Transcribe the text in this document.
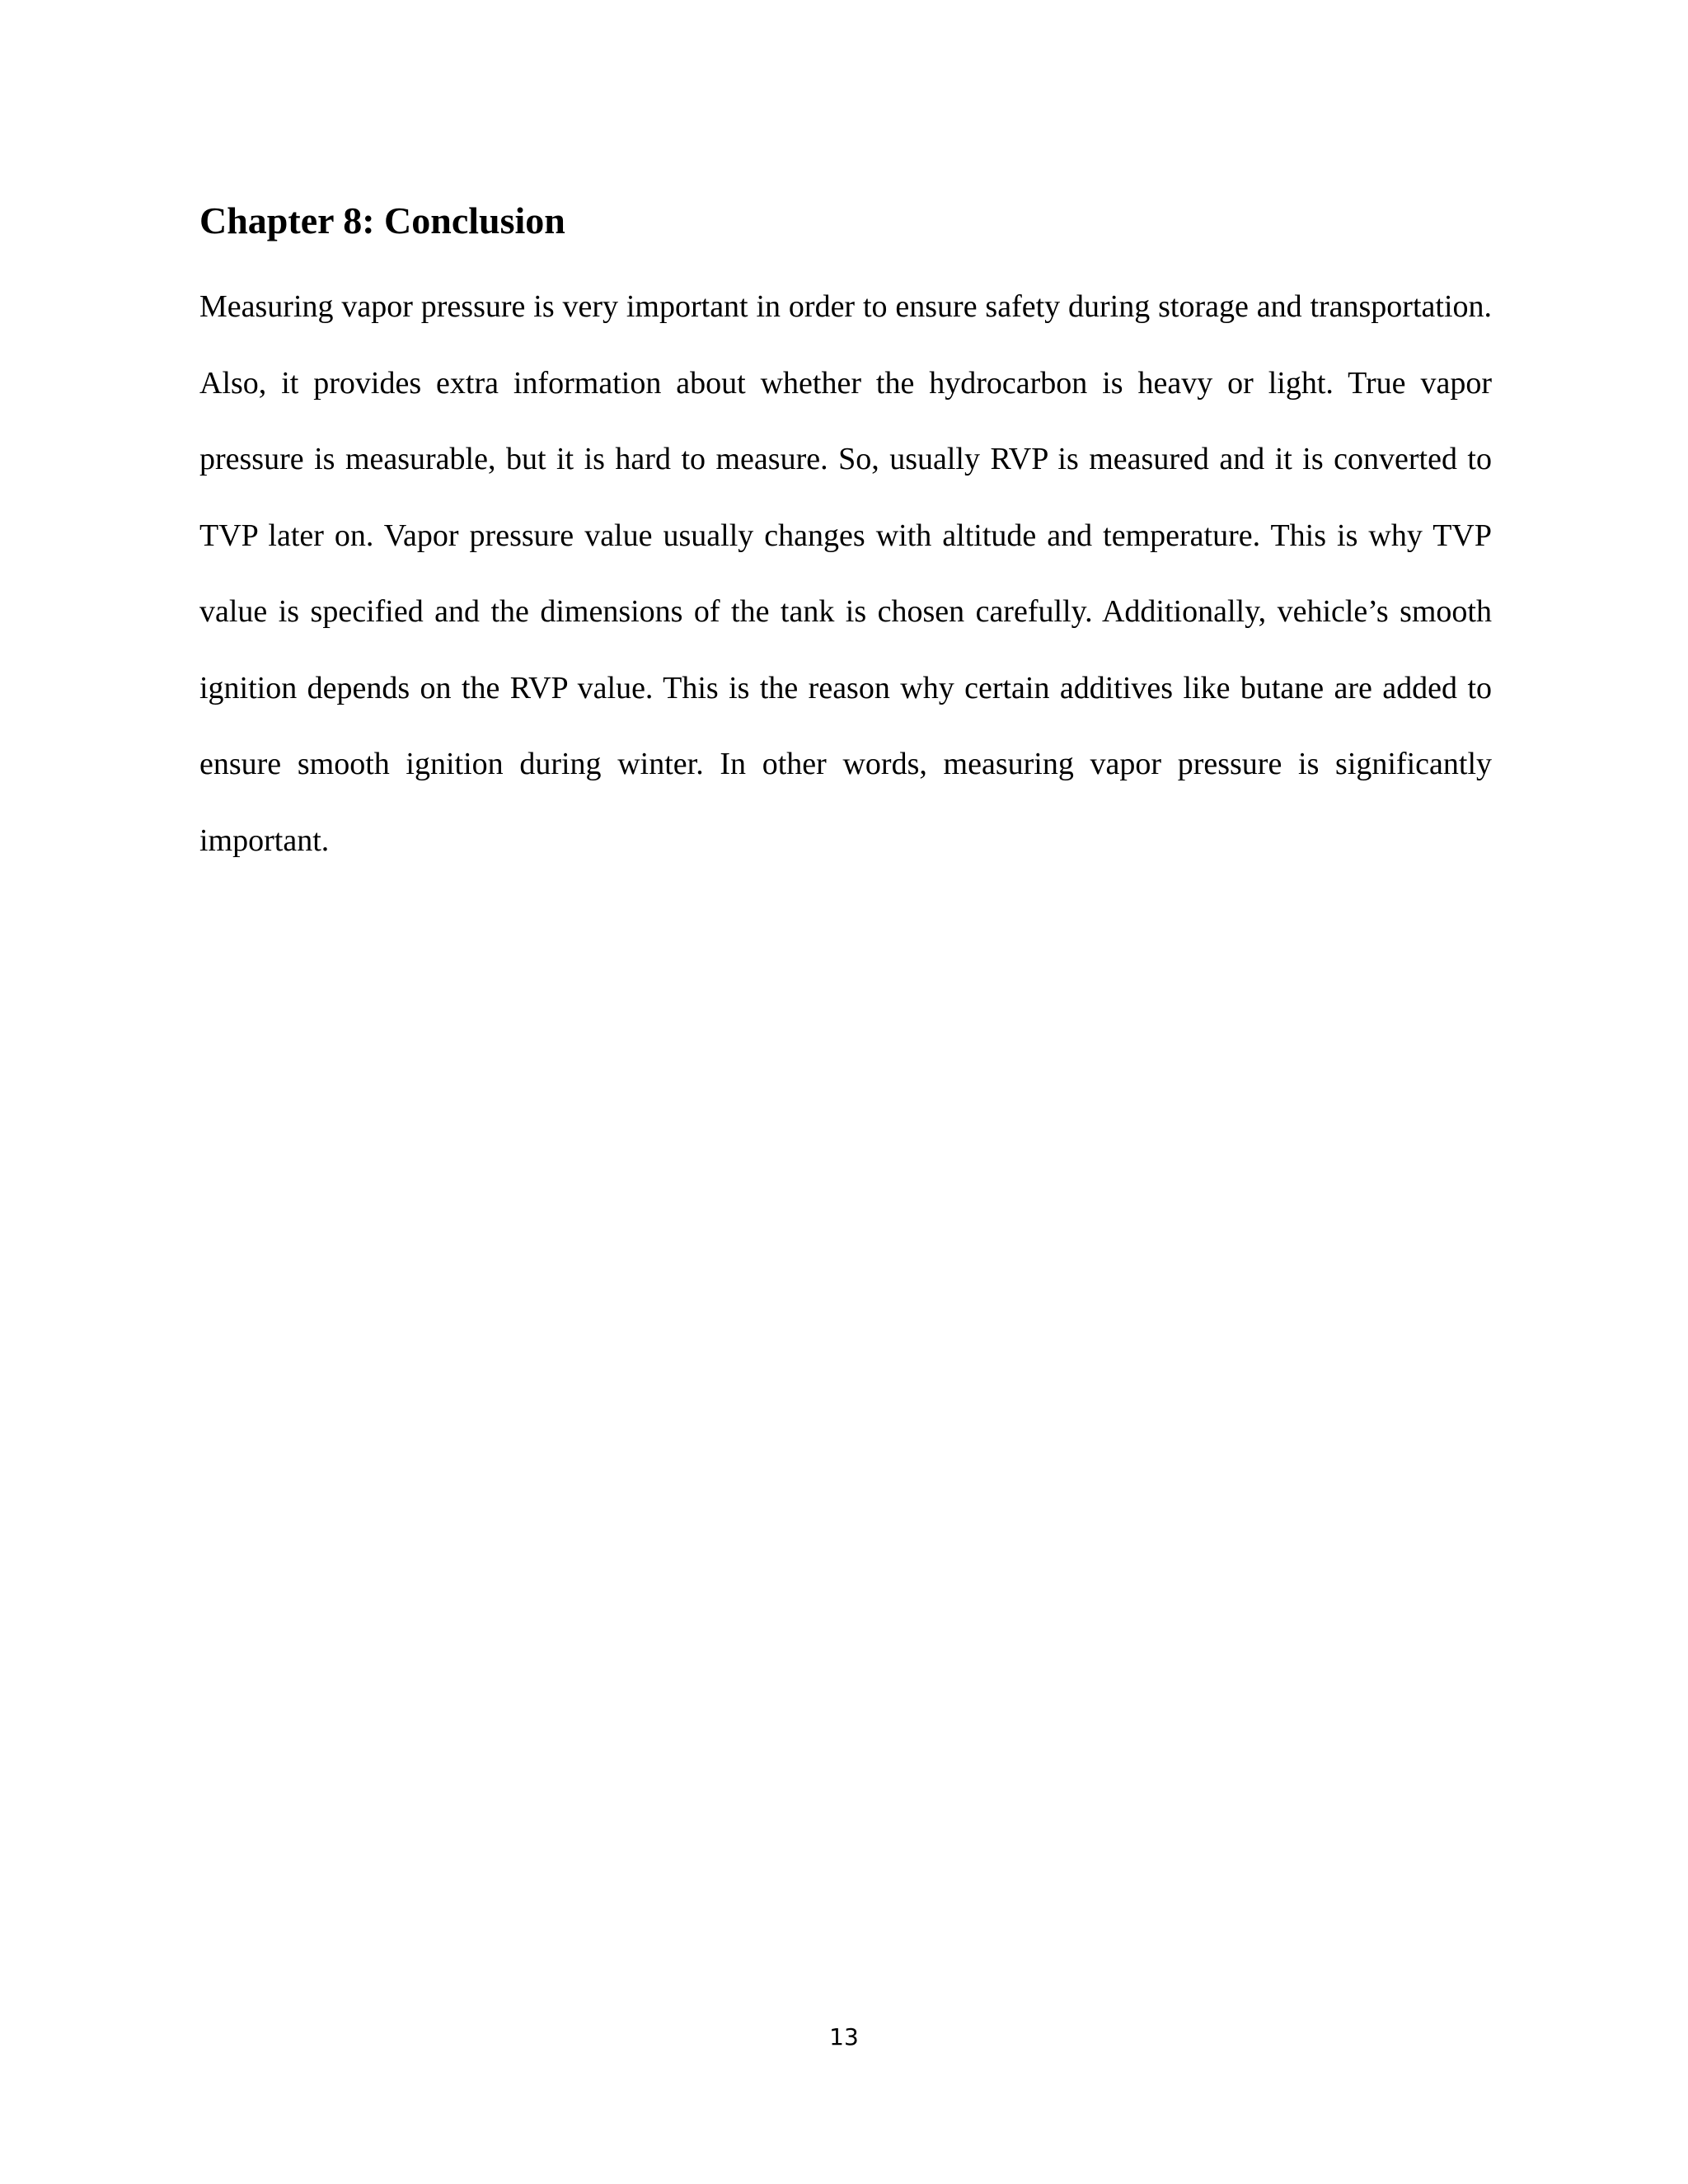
Chapter 8: Conclusion

Measuring vapor pressure is very important in order to ensure safety during storage and transportation. Also, it provides extra information about whether the hydrocarbon is heavy or light. True vapor pressure is measurable, but it is hard to measure. So, usually RVP is measured and it is converted to TVP later on. Vapor pressure value usually changes with altitude and temperature. This is why TVP value is specified and the dimensions of the tank is chosen carefully. Additionally, vehicle’s smooth ignition depends on the RVP value. This is the reason why certain additives like butane are added to ensure smooth ignition during winter. In other words, measuring vapor pressure is significantly important.

13
